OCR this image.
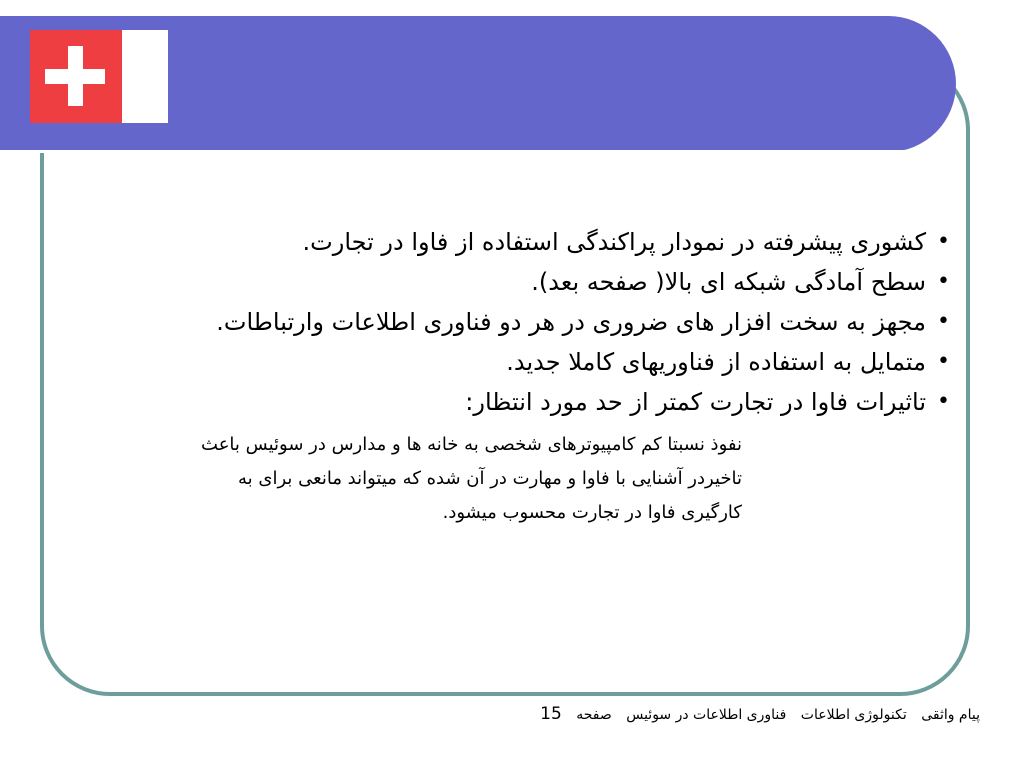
• کشوری پیشرفته در نمودار پراکندگی استفاده از فاوا در تجارت.
• سطح آمادگی شبکه ای بالا( صفحه بعد).
• مجهز به سخت افزار های ضروری در هر دو فناوری اطلاعات وارتباطات.
• متمایل به استفاده از فناوریهای کاملا جدید.
• تاثیرات فاوا در تجارت کمتر از حد مورد انتظار:
نفوذ نسبتا کم کامپیوترهای شخصی به خانه ها و مدارس در سوئیس باعث تاخیردر آشنایی با فاوا و مهارت در آن شده که میتواند مانعی برای به کارگیری فاوا در تجارت محسوب میشود.
پیام واثقی تکنولوژی اطلاعات فناوری اطلاعات در سوئیس صفحه 15
